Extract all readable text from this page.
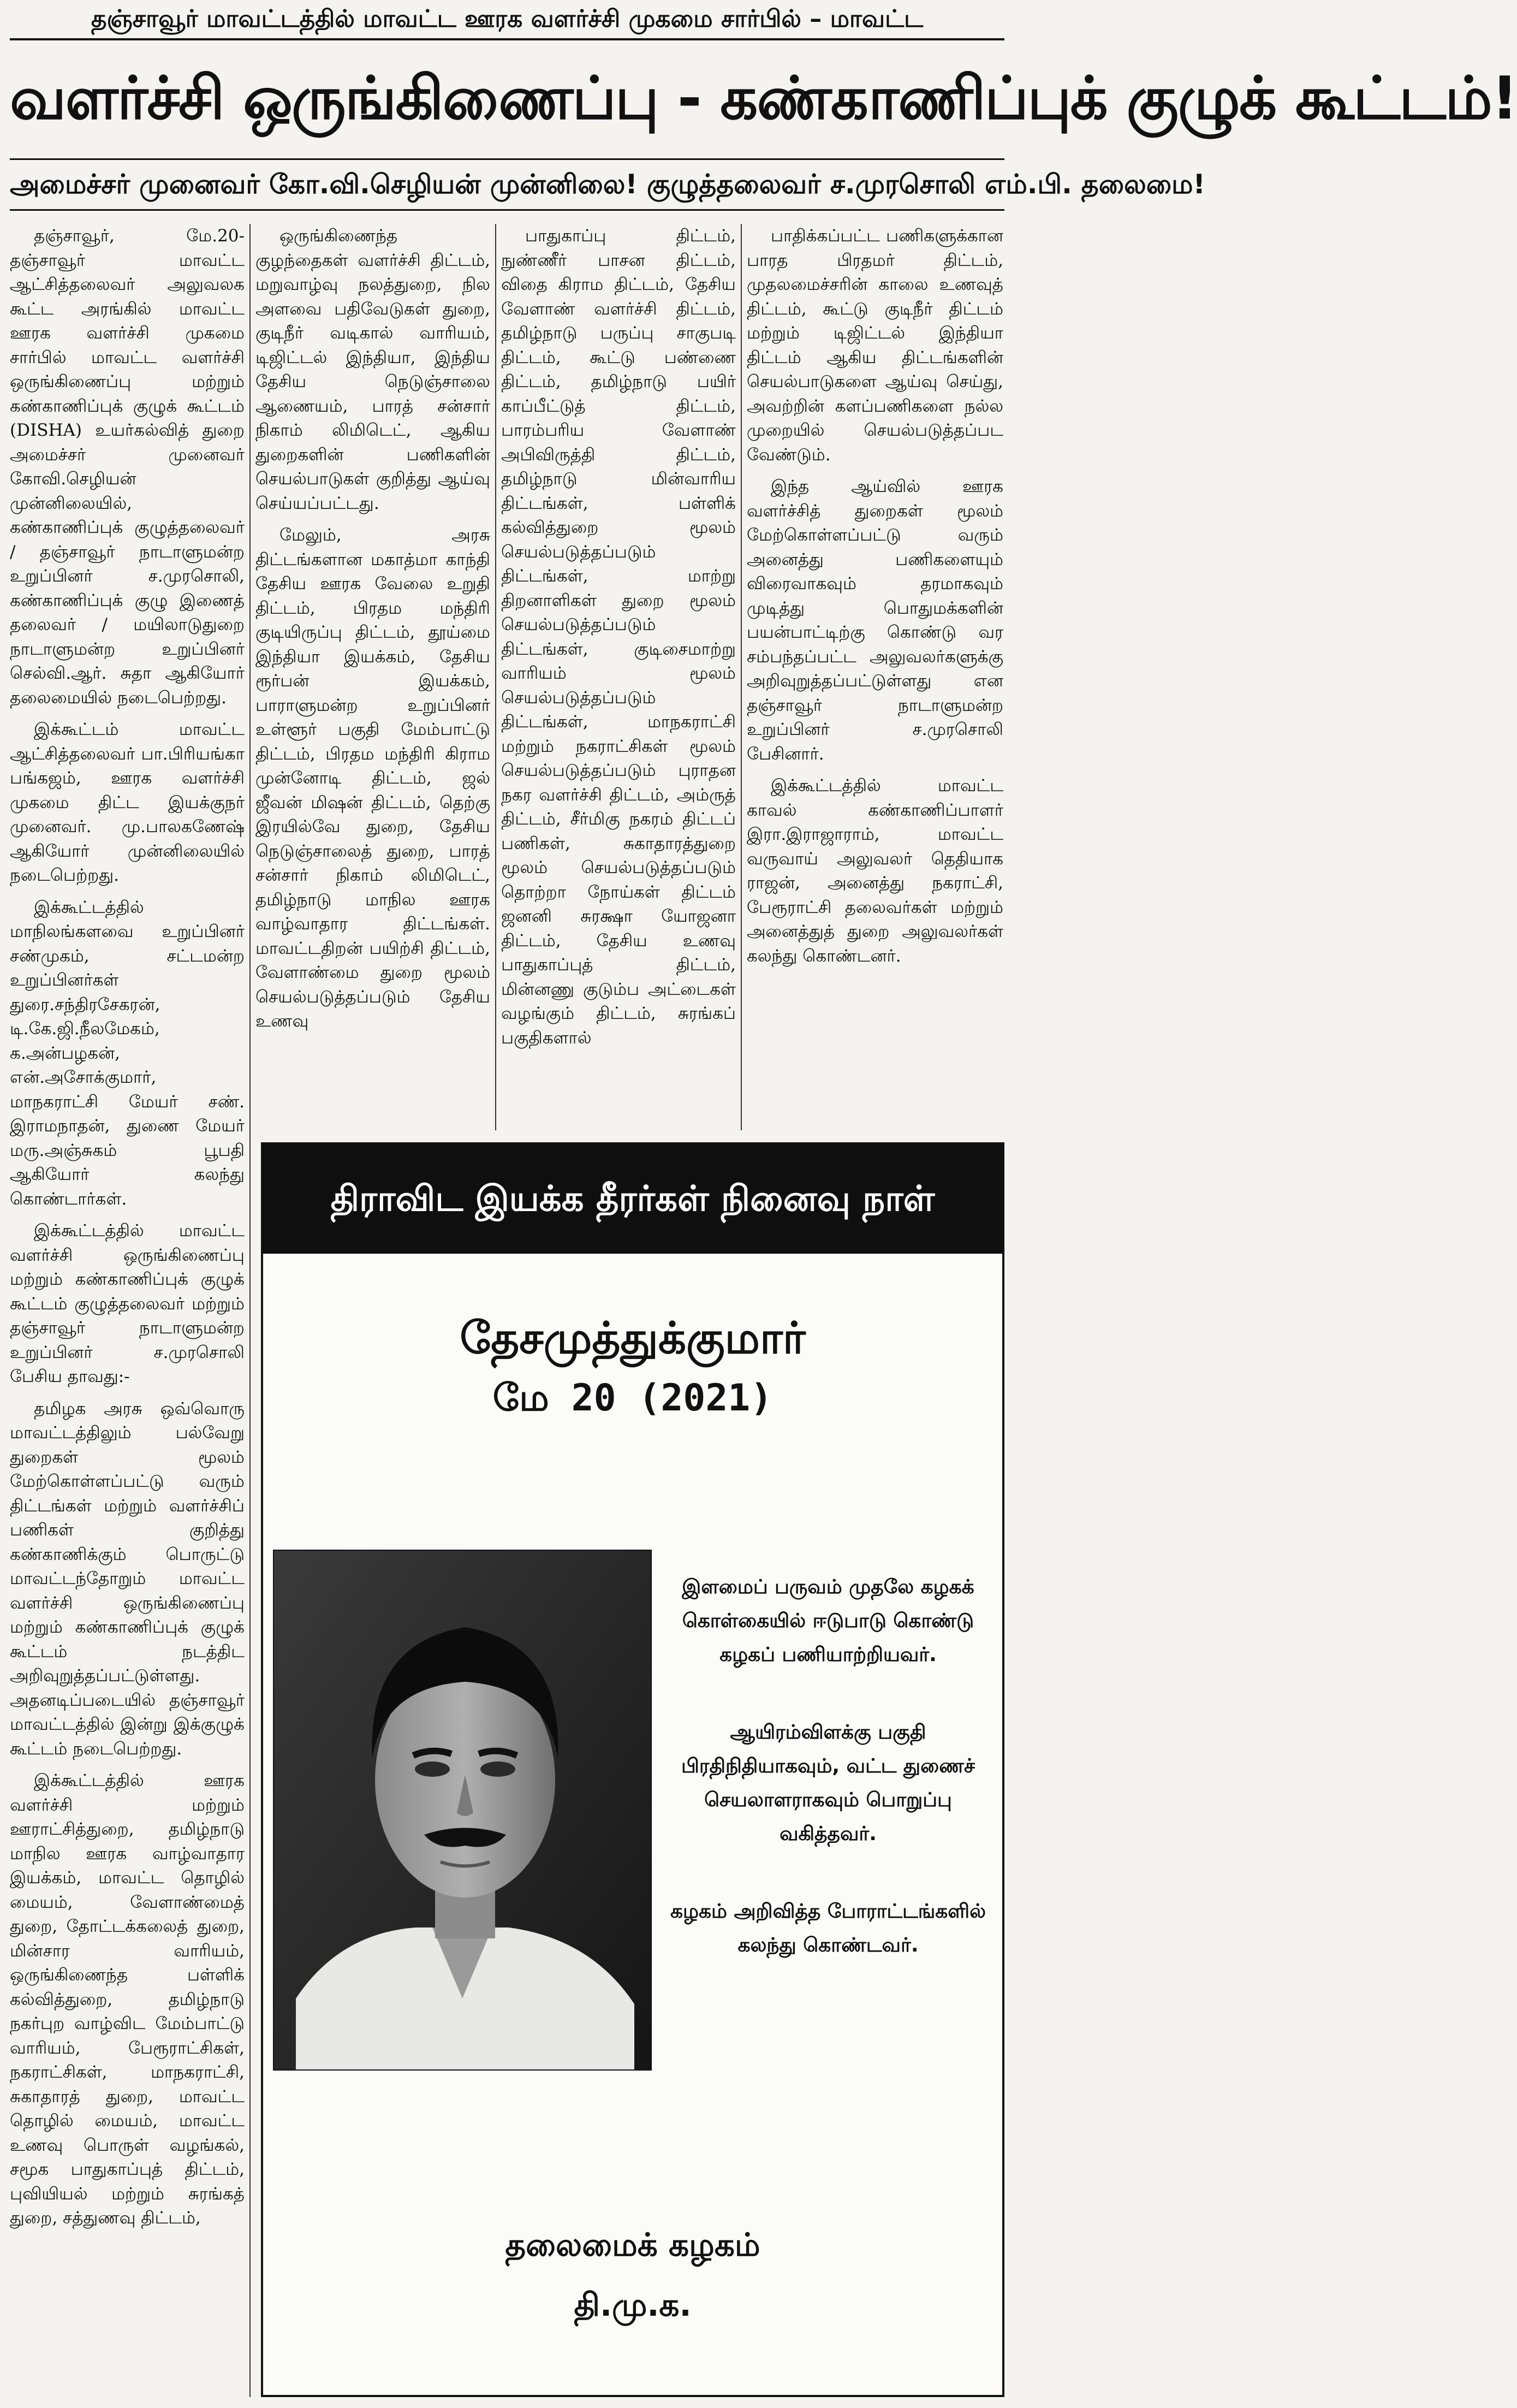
தஞ்சாவூர் மாவட்டத்தில் மாவட்ட ஊரக வளர்ச்சி முகமை சார்பில் – மாவட்ட
வளர்ச்சி ஒருங்கிணைப்பு - கண்காணிப்புக் குழுக் கூட்டம்!
அமைச்சர் முனைவர் கோ.வி.செழியன் முன்னிலை! குழுத்தலைவர் ச.முரசொலி எம்.பி. தலைமை!

தஞ்சாவூர், மே.20- தஞ்சாவூர் மாவட்ட ஆட்சித்தலைவர் அலுவலக கூட்ட அரங்கில் மாவட்ட ஊரக வளர்ச்சி முகமை சார்பில் மாவட்ட வளர்ச்சி ஒருங்கிணைப்பு மற்றும் கண்காணிப்புக் குழுக் கூட்டம் (DISHA) உயர்கல்வித் துறை அமைச்சர் முனைவர் கோவி.செழியன் முன்னிலையில், கண்காணிப்புக் குழுத்தலைவர் / தஞ்சாவூர் நாடாளுமன்ற உறுப்பினர் ச.முரசொலி, கண்காணிப்புக் குழு இணைத் தலைவர் / மயிலாடுதுறை நாடாளுமன்ற உறுப்பினர் செல்வி.ஆர். சுதா ஆகியோர் தலைமையில் நடைபெற்றது.

இக்கூட்டம் மாவட்ட ஆட்சித்தலைவர் பா.பிரியங்கா பங்கஜம், ஊரக வளர்ச்சி முகமை திட்ட இயக்குநர் முனைவர். மு.பாலகணேஷ் ஆகியோர் முன்னிலையில் நடைபெற்றது.

இக்கூட்டத்தில் மாநிலங்களவை உறுப்பினர் சண்முகம், சட்டமன்ற உறுப்பினர்கள் துரை.சந்திரசேகரன், டி.கே.ஜி.நீலமேகம், க.அன்பழகன், என்.அசோக்குமார், மாநகராட்சி மேயர் சண். இராமநாதன், துணை மேயர் மரு.அஞ்சுகம் பூபதி ஆகியோர் கலந்து கொண்டார்கள்.

இக்கூட்டத்தில் மாவட்ட வளர்ச்சி ஒருங்கிணைப்பு மற்றும் கண்காணிப்புக் குழுக் கூட்டம் குழுத்தலைவர் மற்றும் தஞ்சாவூர் நாடாளுமன்ற உறுப்பினர் ச.முரசொலி பேசிய தாவது:-

தமிழக அரசு ஒவ்வொரு மாவட்டத்திலும் பல்வேறு துறைகள் மூலம் மேற்கொள்ளப்பட்டு வரும் திட்டங்கள் மற்றும் வளர்ச்சிப் பணிகள் குறித்து கண்காணிக்கும் பொருட்டு மாவட்டந்தோறும் மாவட்ட வளர்ச்சி ஒருங்கிணைப்பு மற்றும் கண்காணிப்புக் குழுக் கூட்டம் நடத்திட அறிவுறுத்தப்பட்டுள்ளது. அதனடிப்படையில் தஞ்சாவூர் மாவட்டத்தில் இன்று இக்குழுக் கூட்டம் நடைபெற்றது.

இக்கூட்டத்தில் ஊரக வளர்ச்சி மற்றும் ஊராட்சித்துறை, தமிழ்நாடு மாநில ஊரக வாழ்வாதார இயக்கம், மாவட்ட தொழில் மையம், வேளாண்மைத் துறை, தோட்டக்கலைத் துறை, மின்சார வாரியம், ஒருங்கிணைந்த பள்ளிக் கல்வித்துறை, தமிழ்நாடு நகர்புற வாழ்விட மேம்பாட்டு வாரியம், பேரூராட்சிகள், நகராட்சிகள், மாநகராட்சி, சுகாதாரத் துறை, மாவட்ட தொழில் மையம், மாவட்ட உணவு பொருள் வழங்கல், சமூக பாதுகாப்புத் திட்டம், புவியியல் மற்றும் சுரங்கத் துறை, சத்துணவு திட்டம்,

ஒருங்கிணைந்த குழந்தைகள் வளர்ச்சி திட்டம், மறுவாழ்வு நலத்துறை, நில அளவை பதிவேடுகள் துறை, குடிநீர் வடிகால் வாரியம், டிஜிட்டல் இந்தியா, இந்திய தேசிய நெடுஞ்சாலை ஆணையம், பாரத் சன்சார் நிகாம் லிமிடெட், ஆகிய துறைகளின் பணிகளின் செயல்பாடுகள் குறித்து ஆய்வு செய்யப்பட்டது.

மேலும், அரசு திட்டங்களான மகாத்மா காந்தி தேசிய ஊரக வேலை உறுதி திட்டம், பிரதம மந்திரி குடியிருப்பு திட்டம், தூய்மை இந்தியா இயக்கம், தேசிய ரூர்பன் இயக்கம், பாராளுமன்ற உறுப்பினர் உள்ளூர் பகுதி மேம்பாட்டு திட்டம், பிரதம மந்திரி கிராம முன்னோடி திட்டம், ஜல் ஜீவன் மிஷன் திட்டம், தெற்கு இரயில்வே துறை, தேசிய நெடுஞ்சாலைத் துறை, பாரத் சன்சார் நிகாம் லிமிடெட், தமிழ்நாடு மாநில ஊரக வாழ்வாதார திட்டங்கள். மாவட்டதிறன் பயிற்சி திட்டம், வேளாண்மை துறை மூலம் செயல்படுத்தப்படும் தேசிய உணவு

பாதுகாப்பு திட்டம், நுண்ணீர் பாசன திட்டம், விதை கிராம திட்டம், தேசிய வேளாண் வளர்ச்சி திட்டம், தமிழ்நாடு பருப்பு சாகுபடி திட்டம், கூட்டு பண்ணை திட்டம், தமிழ்நாடு பயிர் காப்பீட்டுத் திட்டம், பாரம்பரிய வேளாண் அபிவிருத்தி திட்டம், தமிழ்நாடு மின்வாரிய திட்டங்கள், பள்ளிக் கல்வித்துறை மூலம் செயல்படுத்தப்படும் திட்டங்கள், மாற்று திறனாளிகள் துறை மூலம் செயல்படுத்தப்படும் திட்டங்கள், குடிசைமாற்று வாரியம் மூலம் செயல்படுத்தப்படும் திட்டங்கள், மாநகராட்சி மற்றும் நகராட்சிகள் மூலம் செயல்படுத்தப்படும் புராதன நகர வளர்ச்சி திட்டம், அம்ருத் திட்டம், சீர்மிகு நகரம் திட்டப் பணிகள், சுகாதாரத்துறை மூலம் செயல்படுத்தப்படும் தொற்றா நோய்கள் திட்டம் ஜனனி சுரக்ஷா யோஜனா திட்டம், தேசிய உணவு பாதுகாப்புத் திட்டம், மின்னணு குடும்ப அட்டைகள் வழங்கும் திட்டம், சுரங்கப் பகுதிகளால்

பாதிக்கப்பட்ட பணிகளுக்கான பாரத பிரதமர் திட்டம், முதலமைச்சரின் காலை உணவுத் திட்டம், கூட்டு குடிநீர் திட்டம் மற்றும் டிஜிட்டல் இந்தியா திட்டம் ஆகிய திட்டங்களின் செயல்பாடுகளை ஆய்வு செய்து, அவற்றின் களப்பணிகளை நல்ல முறையில் செயல்படுத்தப்பட வேண்டும்.

இந்த ஆய்வில் ஊரக வளர்ச்சித் துறைகள் மூலம் மேற்கொள்ளப்பட்டு வரும் அனைத்து பணிகளையும் விரைவாகவும் தரமாகவும் முடித்து பொதுமக்களின் பயன்பாட்டிற்கு கொண்டு வர சம்பந்தப்பட்ட அலுவலர்களுக்கு அறிவுறுத்தப்பட்டுள்ளது என தஞ்சாவூர் நாடாளுமன்ற உறுப்பினர் ச.முரசொலி பேசினார்.

இக்கூட்டத்தில் மாவட்ட காவல் கண்காணிப்பாளர் இரா.இராஜாராம், மாவட்ட வருவாய் அலுவலர் தெதியாக ராஜன், அனைத்து நகராட்சி, பேரூராட்சி தலைவர்கள் மற்றும் அனைத்துத் துறை அலுவலர்கள் கலந்து கொண்டனர்.

திராவிட இயக்க தீரர்கள் நினைவு நாள்
தேசமுத்துக்குமார்
மே 20 (2021)

இளமைப் பருவம் முதலே கழகக் கொள்கையில் ஈடுபாடு கொண்டு கழகப் பணியாற்றியவர்.

ஆயிரம்விளக்கு பகுதி பிரதிநிதியாகவும், வட்ட துணைச் செயலாளராகவும் பொறுப்பு வகித்தவர்.

கழகம் அறிவித்த போராட்டங்களில் கலந்து கொண்டவர்.

தலைமைக் கழகம்
தி.மு.க.
